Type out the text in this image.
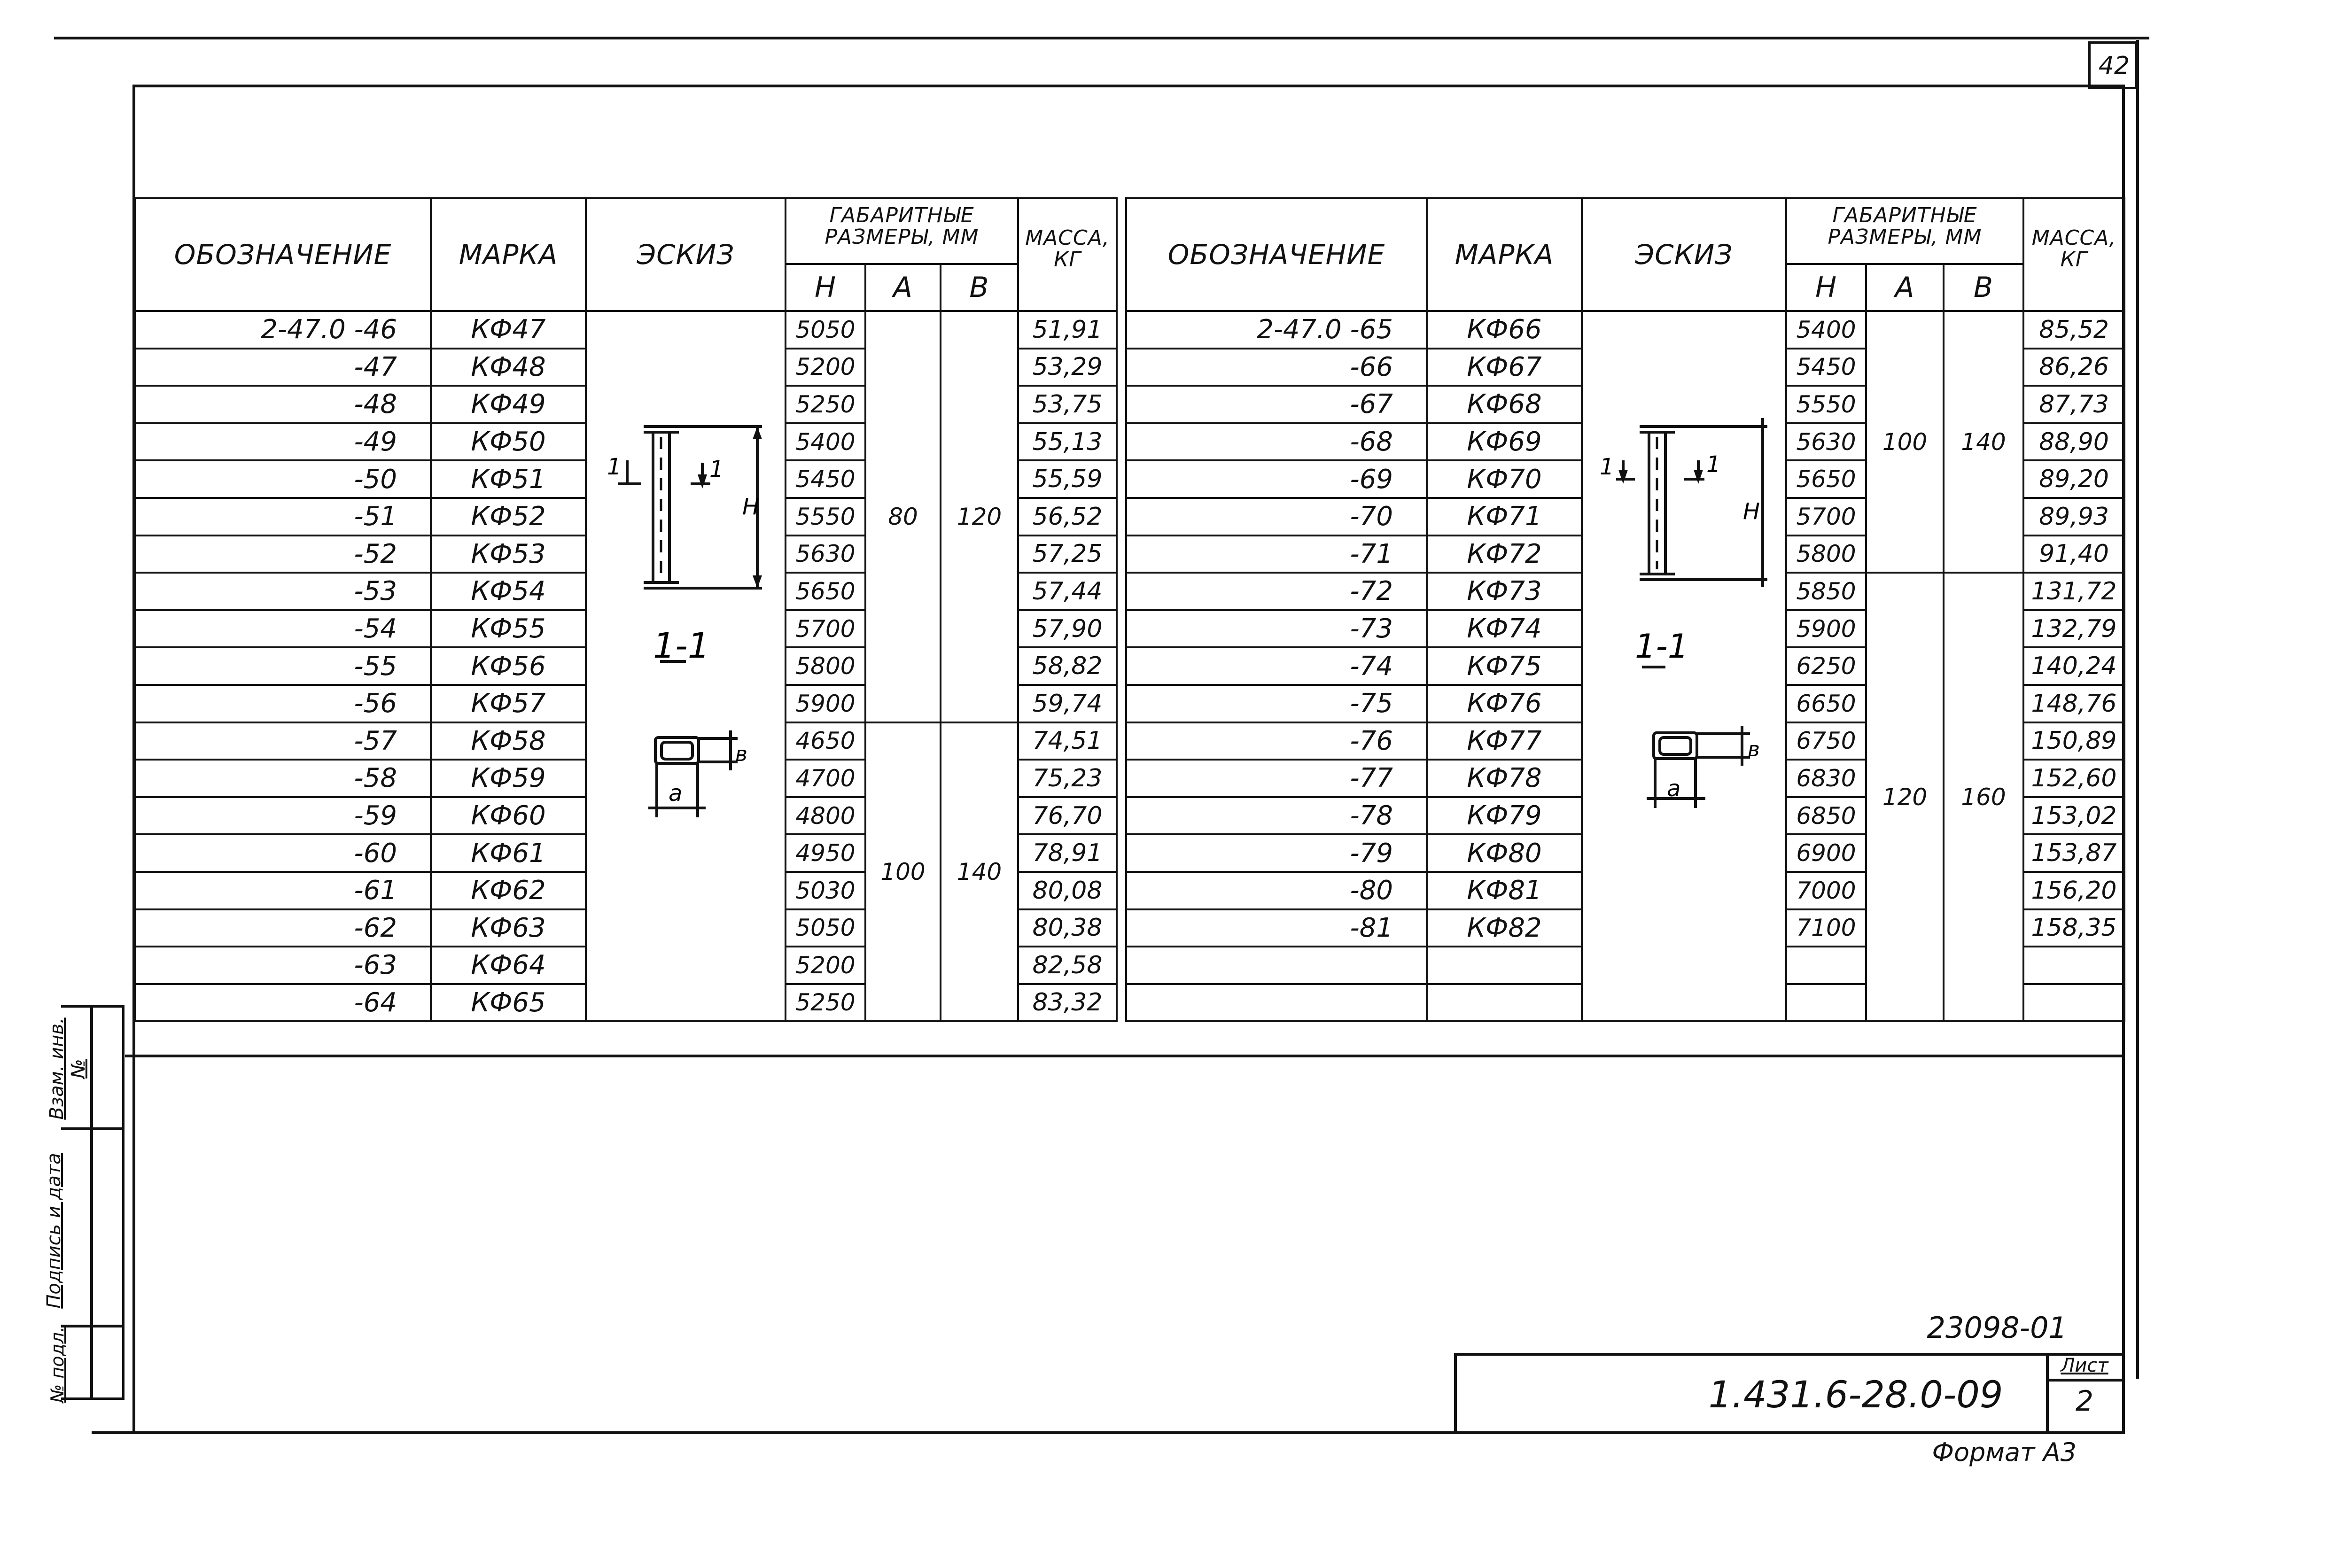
42
ОБОЗНАЧЕНИЕ	МАРКА	ЭСКИЗ	ГАБАРИТНЫЕ РАЗМЕРЫ, ММ			МАССА, КГ
			Н	А	В	
2-47.0 -46	КФ47		5050	80	120	51,91
-47	КФ48		5200			53,29
-48	КФ49		5250			53,75
-49	КФ50		5400			55,13
-50	КФ51		5450			55,59
-51	КФ52		5550			56,52
-52	КФ53		5630			57,25
-53	КФ54		5650			57,44
-54	КФ55		5700			57,90
-55	КФ56		5800			58,82
-56	КФ57		5900			59,74
-57	КФ58		4650	100	140	74,51
-58	КФ59		4700			75,23
-59	КФ60		4800			76,70
-60	КФ61		4950			78,91
-61	КФ62		5030			80,08
-62	КФ63		5050			80,38
-63	КФ64		5200			82,58
-64	КФ65		5250			83,32
ОБОЗНАЧЕНИЕ	МАРКА	ЭСКИЗ	ГАБАРИТНЫЕ РАЗМЕРЫ, ММ			МАССА, КГ
			Н	А	В	
2-47.0 -65	КФ66		5400	100	140	85,52
-66	КФ67		5450			86,26
-67	КФ68		5550			87,73
-68	КФ69		5630			88,90
-69	КФ70		5650			89,20
-70	КФ71		5700			89,93
-71	КФ72		5800			91,40
-72	КФ73		5850	120	160	131,72
-73	КФ74		5900			132,79
-74	КФ75		6250			140,24
-75	КФ76		6650			148,76
-76	КФ77		6750			150,89
-77	КФ78		6830			152,60
-78	КФ79		6850			153,02
-79	КФ80		6900			153,87
-80	КФ81		7000			156,20
-81	КФ82		7100			158,35

1	1
H
1-1
в
a
1	1
H
1-1
в
a
Взам. инв. №
Подпись и дата
№ подл.	23098-01
1.431.6-28.0-09
Лист
2
Формат А3
